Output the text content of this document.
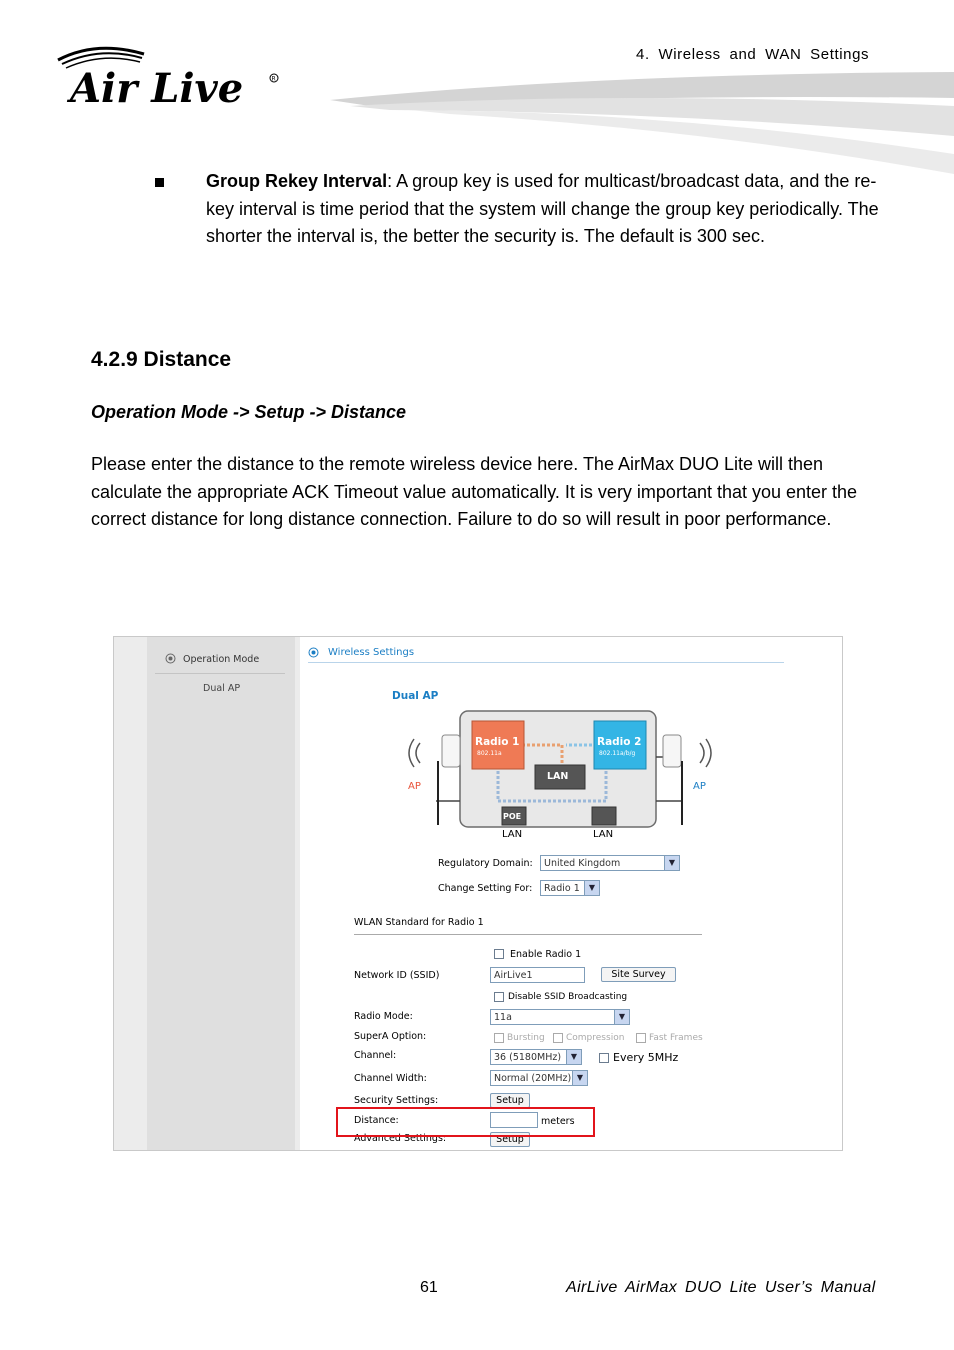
4. Wireless and WAN Settings
Air Live	R
Group Rekey Interval: A group key is used for multicast/broadcast data, and the re-key interval is time period that the system will change the group key periodically. The shorter the interval is, the better the security is. The default is 300 sec.
4.2.9 Distance
Operation Mode -> Setup -> Distance
Please enter the distance to the remote wireless device here. The AirMax DUO Lite will then calculate the appropriate ACK Timeout value automatically. It is very important that you enter the correct distance for long distance connection. Failure to do so will result in poor performance.
Operation Mode
Dual AP
Wireless Settings
Dual AP
Radio 1
802.11a
Radio 2
802.11a/b/g
LAN
POE
LAN	LAN
AP	AP
Regulatory Domain:	United Kingdom	▼
Change Setting For:	Radio 1	▼
WLAN Standard for Radio 1
Enable Radio 1
Network ID (SSID)	AirLive1	Site Survey
Disable SSID Broadcasting
Radio Mode:	11a	▼
SuperA Option:	Bursting Compression	Fast Frames
Channel:	36 (5180MHz)	▼	Every 5MHz
Channel Width:	Normal (20MHz) ▼
Security Settings:	Setup
Distance:	meters
Advanced Settings:	Setup
61	AirLive AirMax DUO Lite User’s Manual
